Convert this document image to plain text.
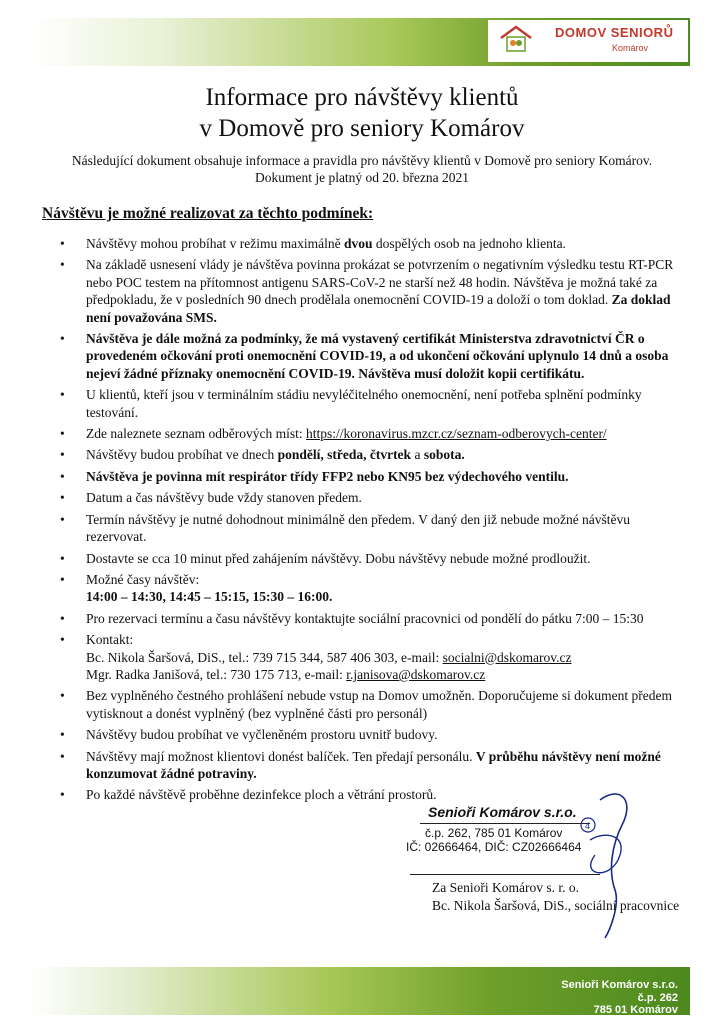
DOMOV SENIORŮ
Komárov
Informace pro návštěvy klientů
v Domově pro seniory Komárov
Následující dokument obsahuje informace a pravidla pro návštěvy klientů v Domově pro seniory Komárov.
Dokument je platný od 20. března 2021
Návštěvu je možné realizovat za těchto podmínek:
• Návštěvy mohou probíhat v režimu maximálně dvou dospělých osob na jednoho klienta.
• Na základě usnesení vlády je návštěva povinna prokázat se potvrzením o negativním výsledku testu RT-PCR nebo POC testem na přítomnost antigenu SARS-CoV-2 ne starší než 48 hodin. Návštěva je možná také za předpokladu, že v posledních 90 dnech prodělala onemocnění COVID-19 a doloží o tom doklad. Za doklad není považována SMS.
• Návštěva je dále možná za podmínky, že má vystavený certifikát Ministerstva zdravotnictví ČR o provedeném očkování proti onemocnění COVID-19, a od ukončení očkování uplynulo 14 dnů a osoba nejeví žádné příznaky onemocnění COVID-19. Návštěva musí doložit kopii certifikátu.
• U klientů, kteří jsou v terminálním stádiu nevyléčitelného onemocnění, není potřeba splnění podmínky testování.
• Zde naleznete seznam odběrových míst: https://koronavirus.mzcr.cz/seznam-odberovych-center/
• Návštěvy budou probíhat ve dnech pondělí, středa, čtvrtek a sobota.
• Návštěva je povinna mít respirátor třídy FFP2 nebo KN95 bez výdechového ventilu.
• Datum a čas návštěvy bude vždy stanoven předem.
• Termín návštěvy je nutné dohodnout minimálně den předem. V daný den již nebude možné návštěvu rezervovat.
• Dostavte se cca 10 minut před zahájením návštěvy. Dobu návštěvy nebude možné prodloužit.
• Možné časy návštěv:
14:00 – 14:30, 14:45 – 15:15, 15:30 – 16:00.
• Pro rezervaci termínu a času návštěvy kontaktujte sociální pracovnici od pondělí do pátku 7:00 – 15:30
• Kontakt:
Bc. Nikola Šaršová, DiS., tel.: 739 715 344, 587 406 303, e-mail: socialni@dskomarov.cz
Mgr. Radka Janišová, tel.: 730 175 713, e-mail: r.janisova@dskomarov.cz
• Bez vyplněného čestného prohlášení nebude vstup na Domov umožněn. Doporučujeme si dokument předem vytisknout a donést vyplněný (bez vyplněné části pro personál)
• Návštěvy budou probíhat ve vyčleněném prostoru uvnitř budovy.
• Návštěvy mají možnost klientovi donést balíček. Ten předají personálu. V průběhu návštěvy není možné konzumovat žádné potraviny.
• Po každé návštěvě proběhne dezinfekce ploch a větrání prostorů.
Senioři Komárov s.r.o.
č.p. 262, 785 01 Komárov
IČ: 02666464, DIČ: CZ02666464
4
Za Senioři Komárov s. r. o.
Bc. Nikola Šaršová, DiS., sociální pracovnice
Senioři Komárov s.r.o.
č.p. 262
785 01 Komárov
